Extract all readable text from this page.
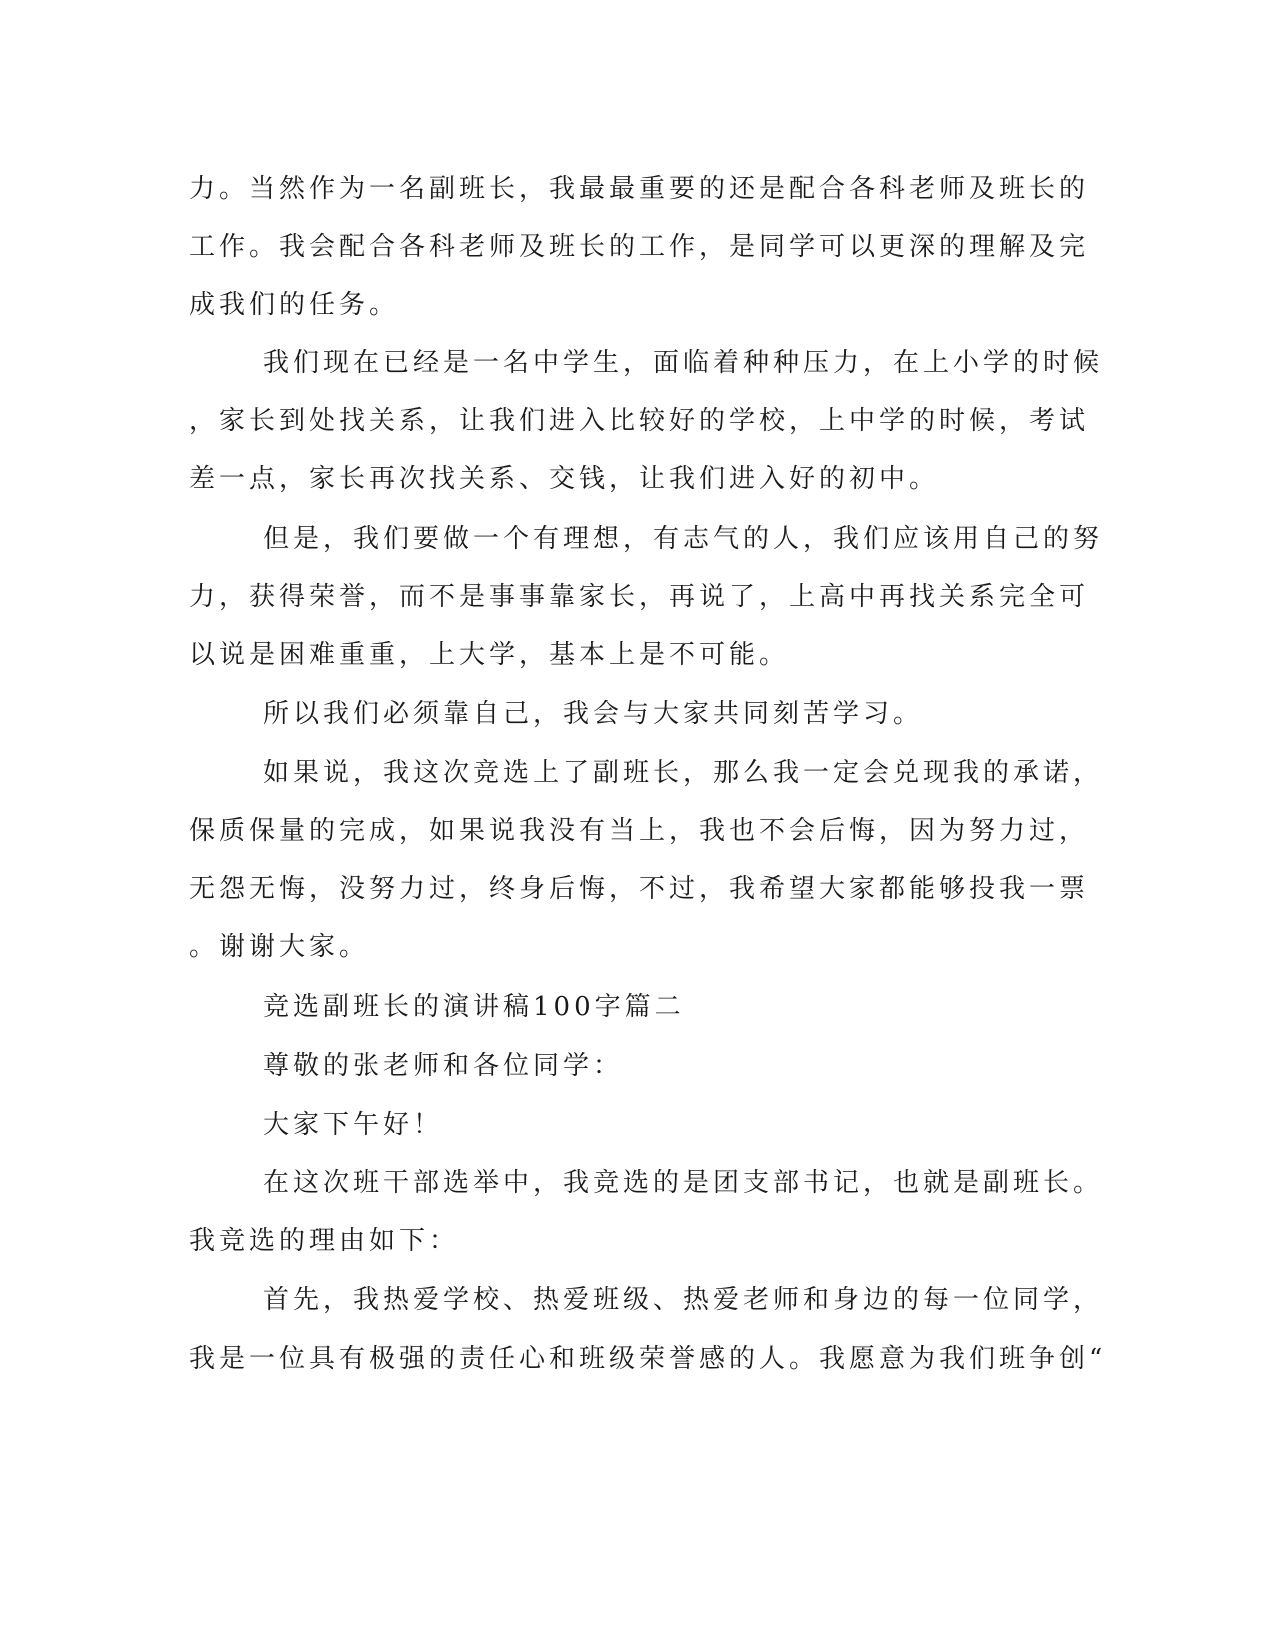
力。当然作为一名副班长，我最最重要的还是配合各科老师及班长的
工作。我会配合各科老师及班长的工作，是同学可以更深的理解及完
成我们的任务。
我们现在已经是一名中学生，面临着种种压力，在上小学的时候
，家长到处找关系，让我们进入比较好的学校，上中学的时候，考试
差一点，家长再次找关系、交钱，让我们进入好的初中。
但是，我们要做一个有理想，有志气的人，我们应该用自己的努
力，获得荣誉，而不是事事靠家长，再说了，上高中再找关系完全可
以说是困难重重，上大学，基本上是不可能。
所以我们必须靠自己，我会与大家共同刻苦学习。
如果说，我这次竞选上了副班长，那么我一定会兑现我的承诺，
保质保量的完成，如果说我没有当上，我也不会后悔，因为努力过，
无怨无悔，没努力过，终身后悔，不过，我希望大家都能够投我一票
。谢谢大家。
竞选副班长的演讲稿100字篇二
尊敬的张老师和各位同学：
大家下午好！
在这次班干部选举中，我竞选的是团支部书记，也就是副班长。
我竞选的理由如下：
首先，我热爱学校、热爱班级、热爱老师和身边的每一位同学，
我是一位具有极强的责任心和班级荣誉感的人。我愿意为我们班争创“
